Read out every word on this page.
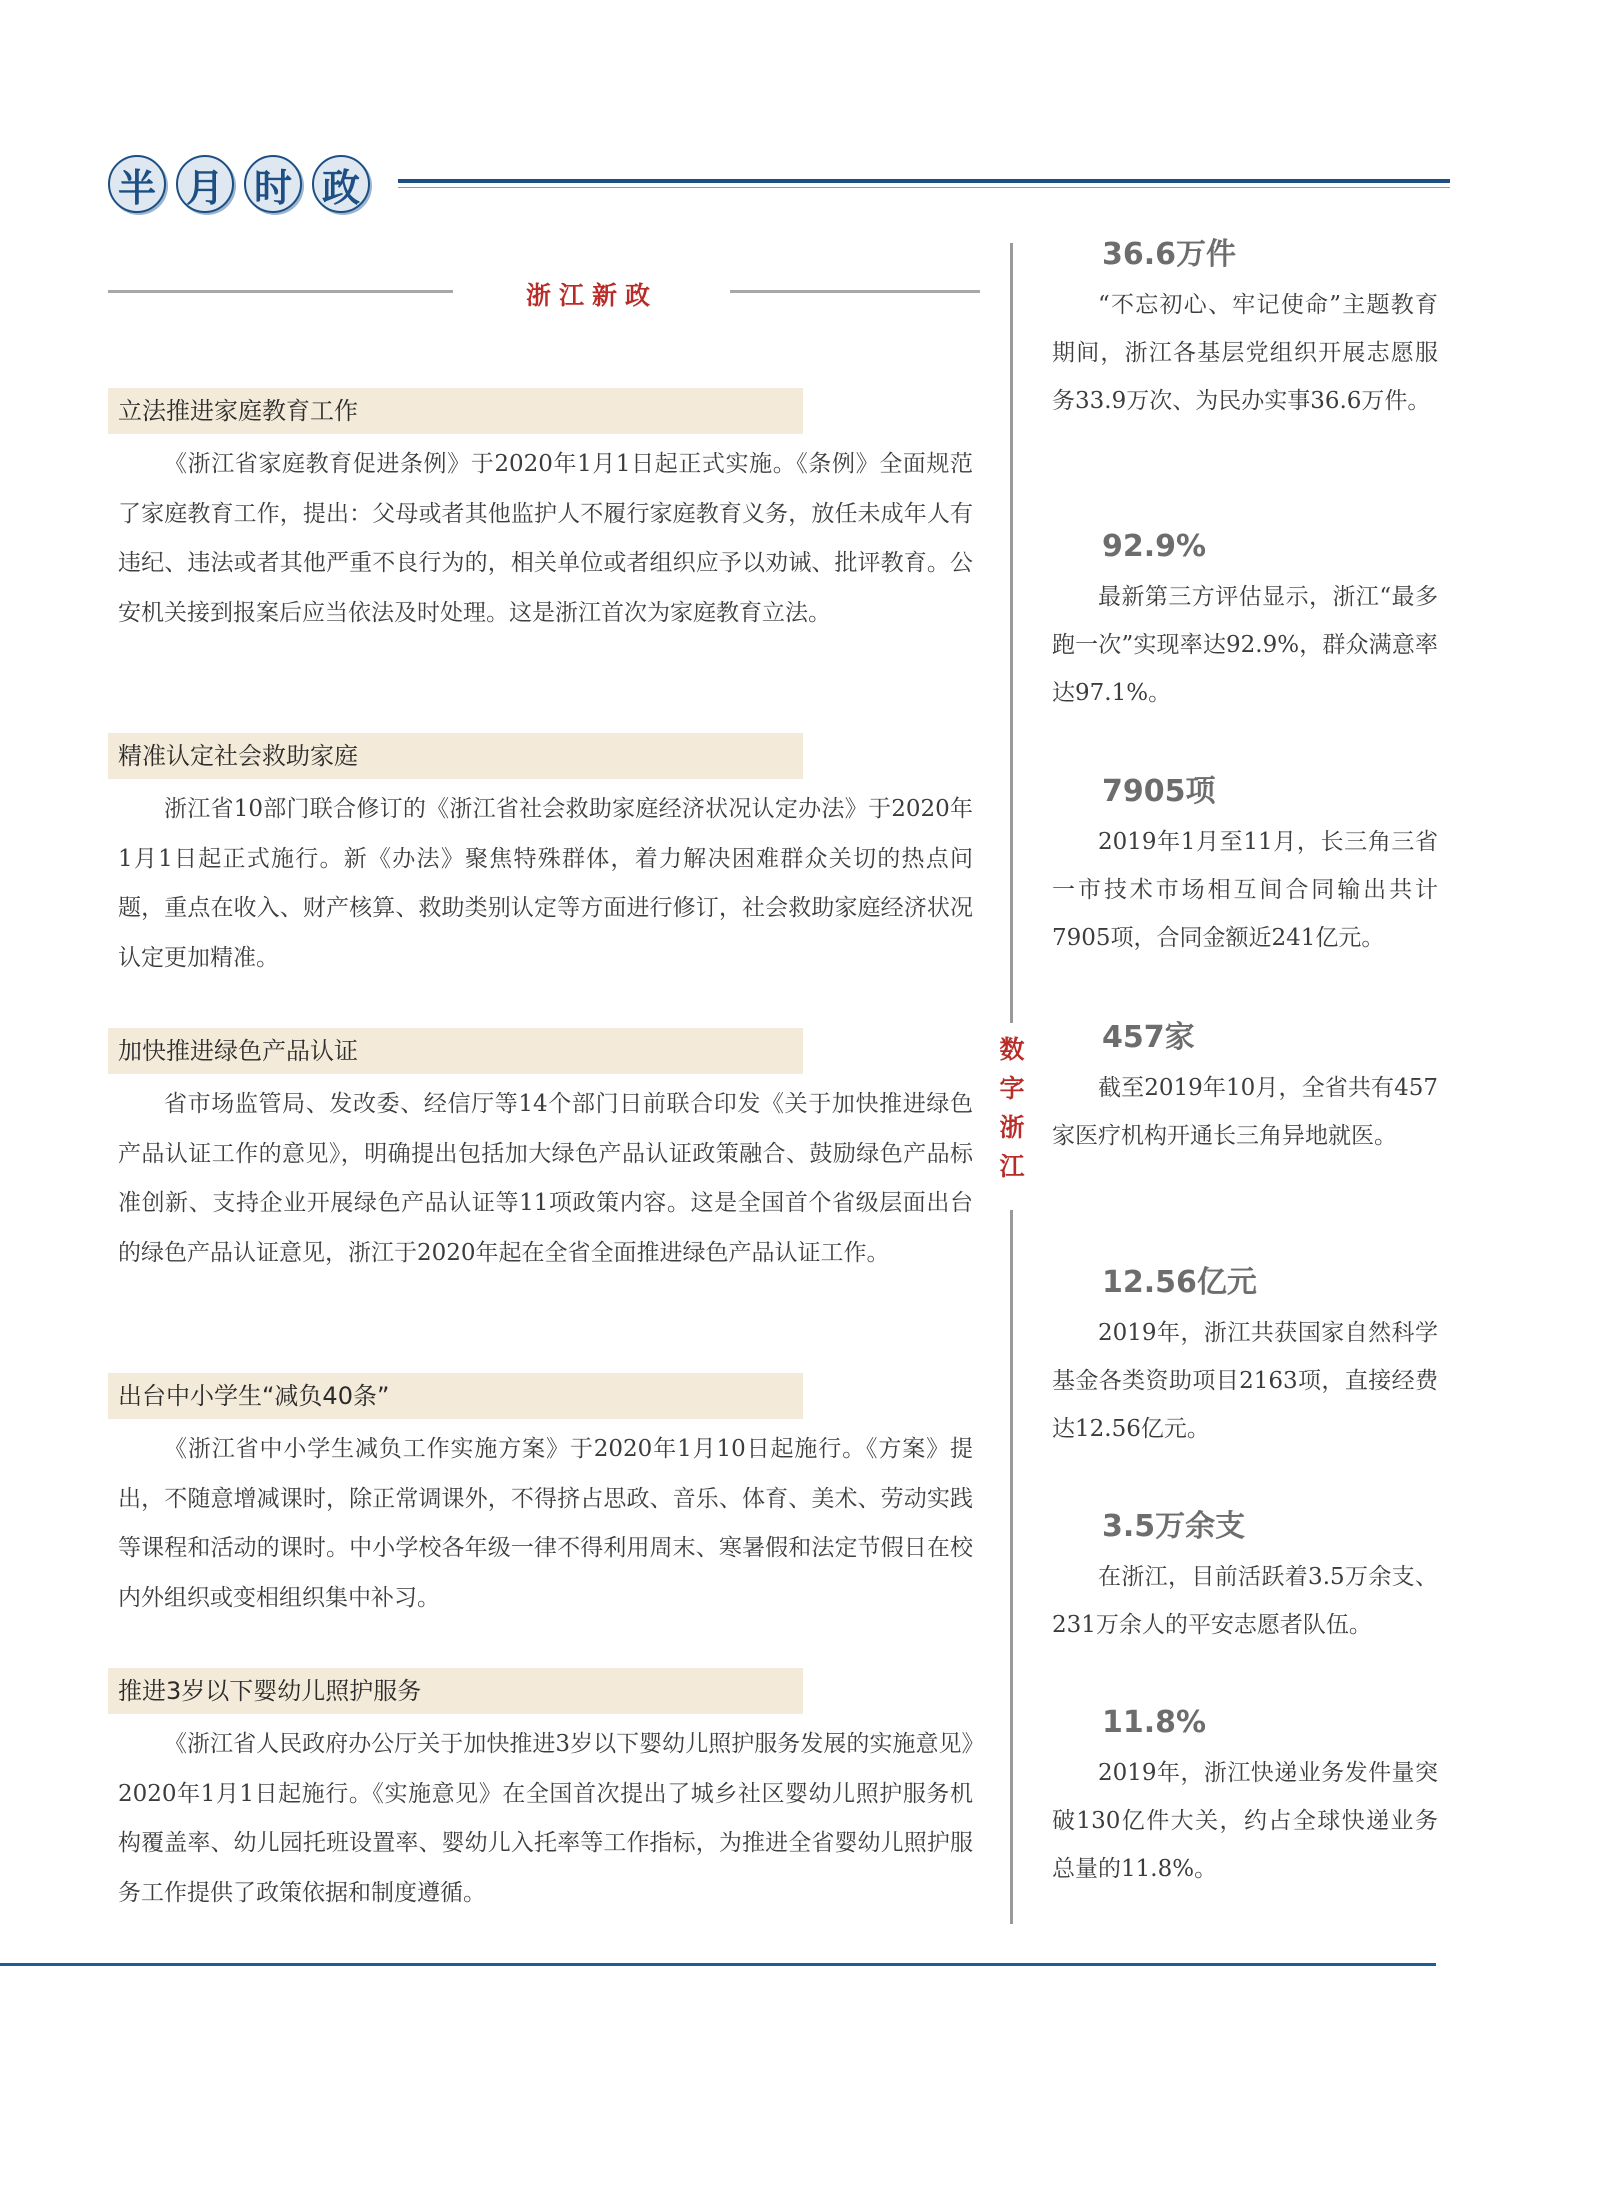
半 月 时 政
浙江新政
立法推进家庭教育工作

《浙江省家庭教育促进条例》于2020年1月1日起正式实施。《条例》全面规范了家庭教育工作，提出：父母或者其他监护人不履行家庭教育义务，放任未成年人有违纪、违法或者其他严重不良行为的，相关单位或者组织应予以劝诫、批评教育。公安机关接到报案后应当依法及时处理。这是浙江首次为家庭教育立法。

精准认定社会救助家庭

浙江省10部门联合修订的《浙江省社会救助家庭经济状况认定办法》于2020年1月1日起正式施行。新《办法》聚焦特殊群体，着力解决困难群众关切的热点问题，重点在收入、财产核算、救助类别认定等方面进行修订，社会救助家庭经济状况认定更加精准。

加快推进绿色产品认证

省市场监管局、发改委、经信厅等14个部门日前联合印发《关于加快推进绿色产品认证工作的意见》，明确提出包括加大绿色产品认证政策融合、鼓励绿色产品标准创新、支持企业开展绿色产品认证等11项政策内容。这是全国首个省级层面出台的绿色产品认证意见，浙江于2020年起在全省全面推进绿色产品认证工作。

出台中小学生“减负40条”

《浙江省中小学生减负工作实施方案》于2020年1月10日起施行。《方案》提出，不随意增减课时，除正常调课外，不得挤占思政、音乐、体育、美术、劳动实践等课程和活动的课时。中小学校各年级一律不得利用周末、寒暑假和法定节假日在校内外组织或变相组织集中补习。

推进3岁以下婴幼儿照护服务

《浙江省人民政府办公厅关于加快推进3岁以下婴幼儿照护服务发展的实施意见》2020年1月1日起施行。《实施意见》在全国首次提出了城乡社区婴幼儿照护服务机构覆盖率、幼儿园托班设置率、婴幼儿入托率等工作指标，为推进全省婴幼儿照护服务工作提供了政策依据和制度遵循。

数
字
浙
江
36.6万件

“不忘初心、牢记使命”主题教育期间，浙江各基层党组织开展志愿服务33.9万次、为民办实事36.6万件。

92.9%

最新第三方评估显示，浙江“最多跑一次”实现率达92.9%，群众满意率达97.1%。

7905项

2019年1月至11月，长三角三省一市技术市场相互间合同输出共计7905项，合同金额近241亿元。

457家

截至2019年10月，全省共有457家医疗机构开通长三角异地就医。

12.56亿元

2019年，浙江共获国家自然科学基金各类资助项目2163项，直接经费达12.56亿元。

3.5万余支

在浙江，目前活跃着3.5万余支、231万余人的平安志愿者队伍。

11.8%

2019年，浙江快递业务发件量突破130亿件大关，约占全球快递业务总量的11.8%。
